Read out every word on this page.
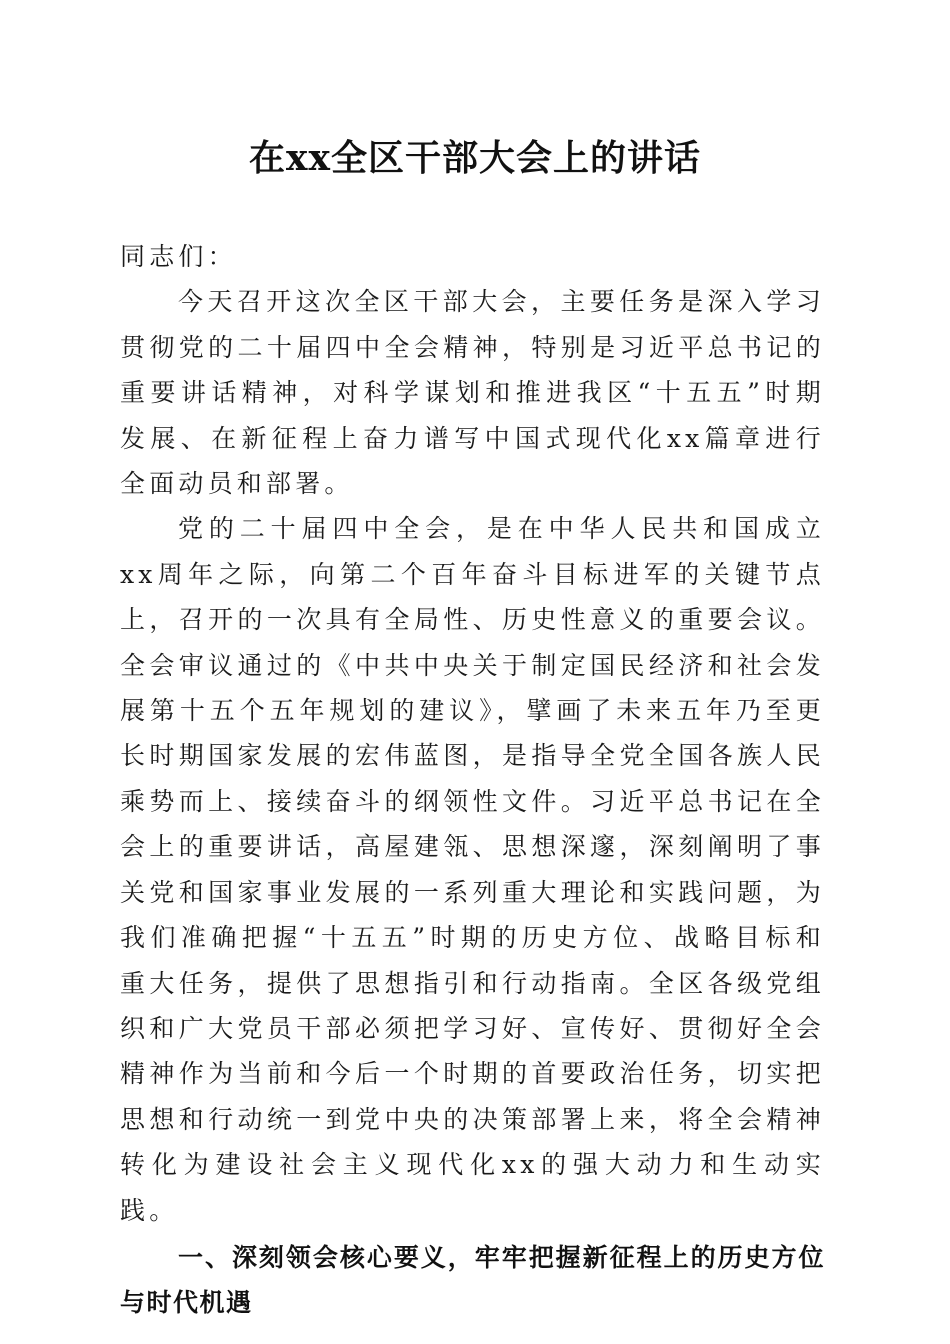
在xx全区干部大会上的讲话

同志们：

今天召开这次全区干部大会，主要任务是深入学习贯彻党的二十届四中全会精神，特别是习近平总书记的重要讲话精神，对科学谋划和推进我区“十五五”时期发展、在新征程上奋力谱写中国式现代化xx篇章进行全面动员和部署。

党的二十届四中全会，是在中华人民共和国成立xx周年之际，向第二个百年奋斗目标进军的关键节点上，召开的一次具有全局性、历史性意义的重要会议。全会审议通过的《中共中央关于制定国民经济和社会发展第十五个五年规划的建议》，擘画了未来五年乃至更长时期国家发展的宏伟蓝图，是指导全党全国各族人民乘势而上、接续奋斗的纲领性文件。习近平总书记在全会上的重要讲话，高屋建瓴、思想深邃，深刻阐明了事关党和国家事业发展的一系列重大理论和实践问题，为我们准确把握“十五五”时期的历史方位、战略目标和重大任务，提供了思想指引和行动指南。全区各级党组织和广大党员干部必须把学习好、宣传好、贯彻好全会精神作为当前和今后一个时期的首要政治任务，切实把思想和行动统一到党中央的决策部署上来，将全会精神转化为建设社会主义现代化xx的强大动力和生动实践。

一、深刻领会核心要义，牢牢把握新征程上的历史方位与时代机遇
